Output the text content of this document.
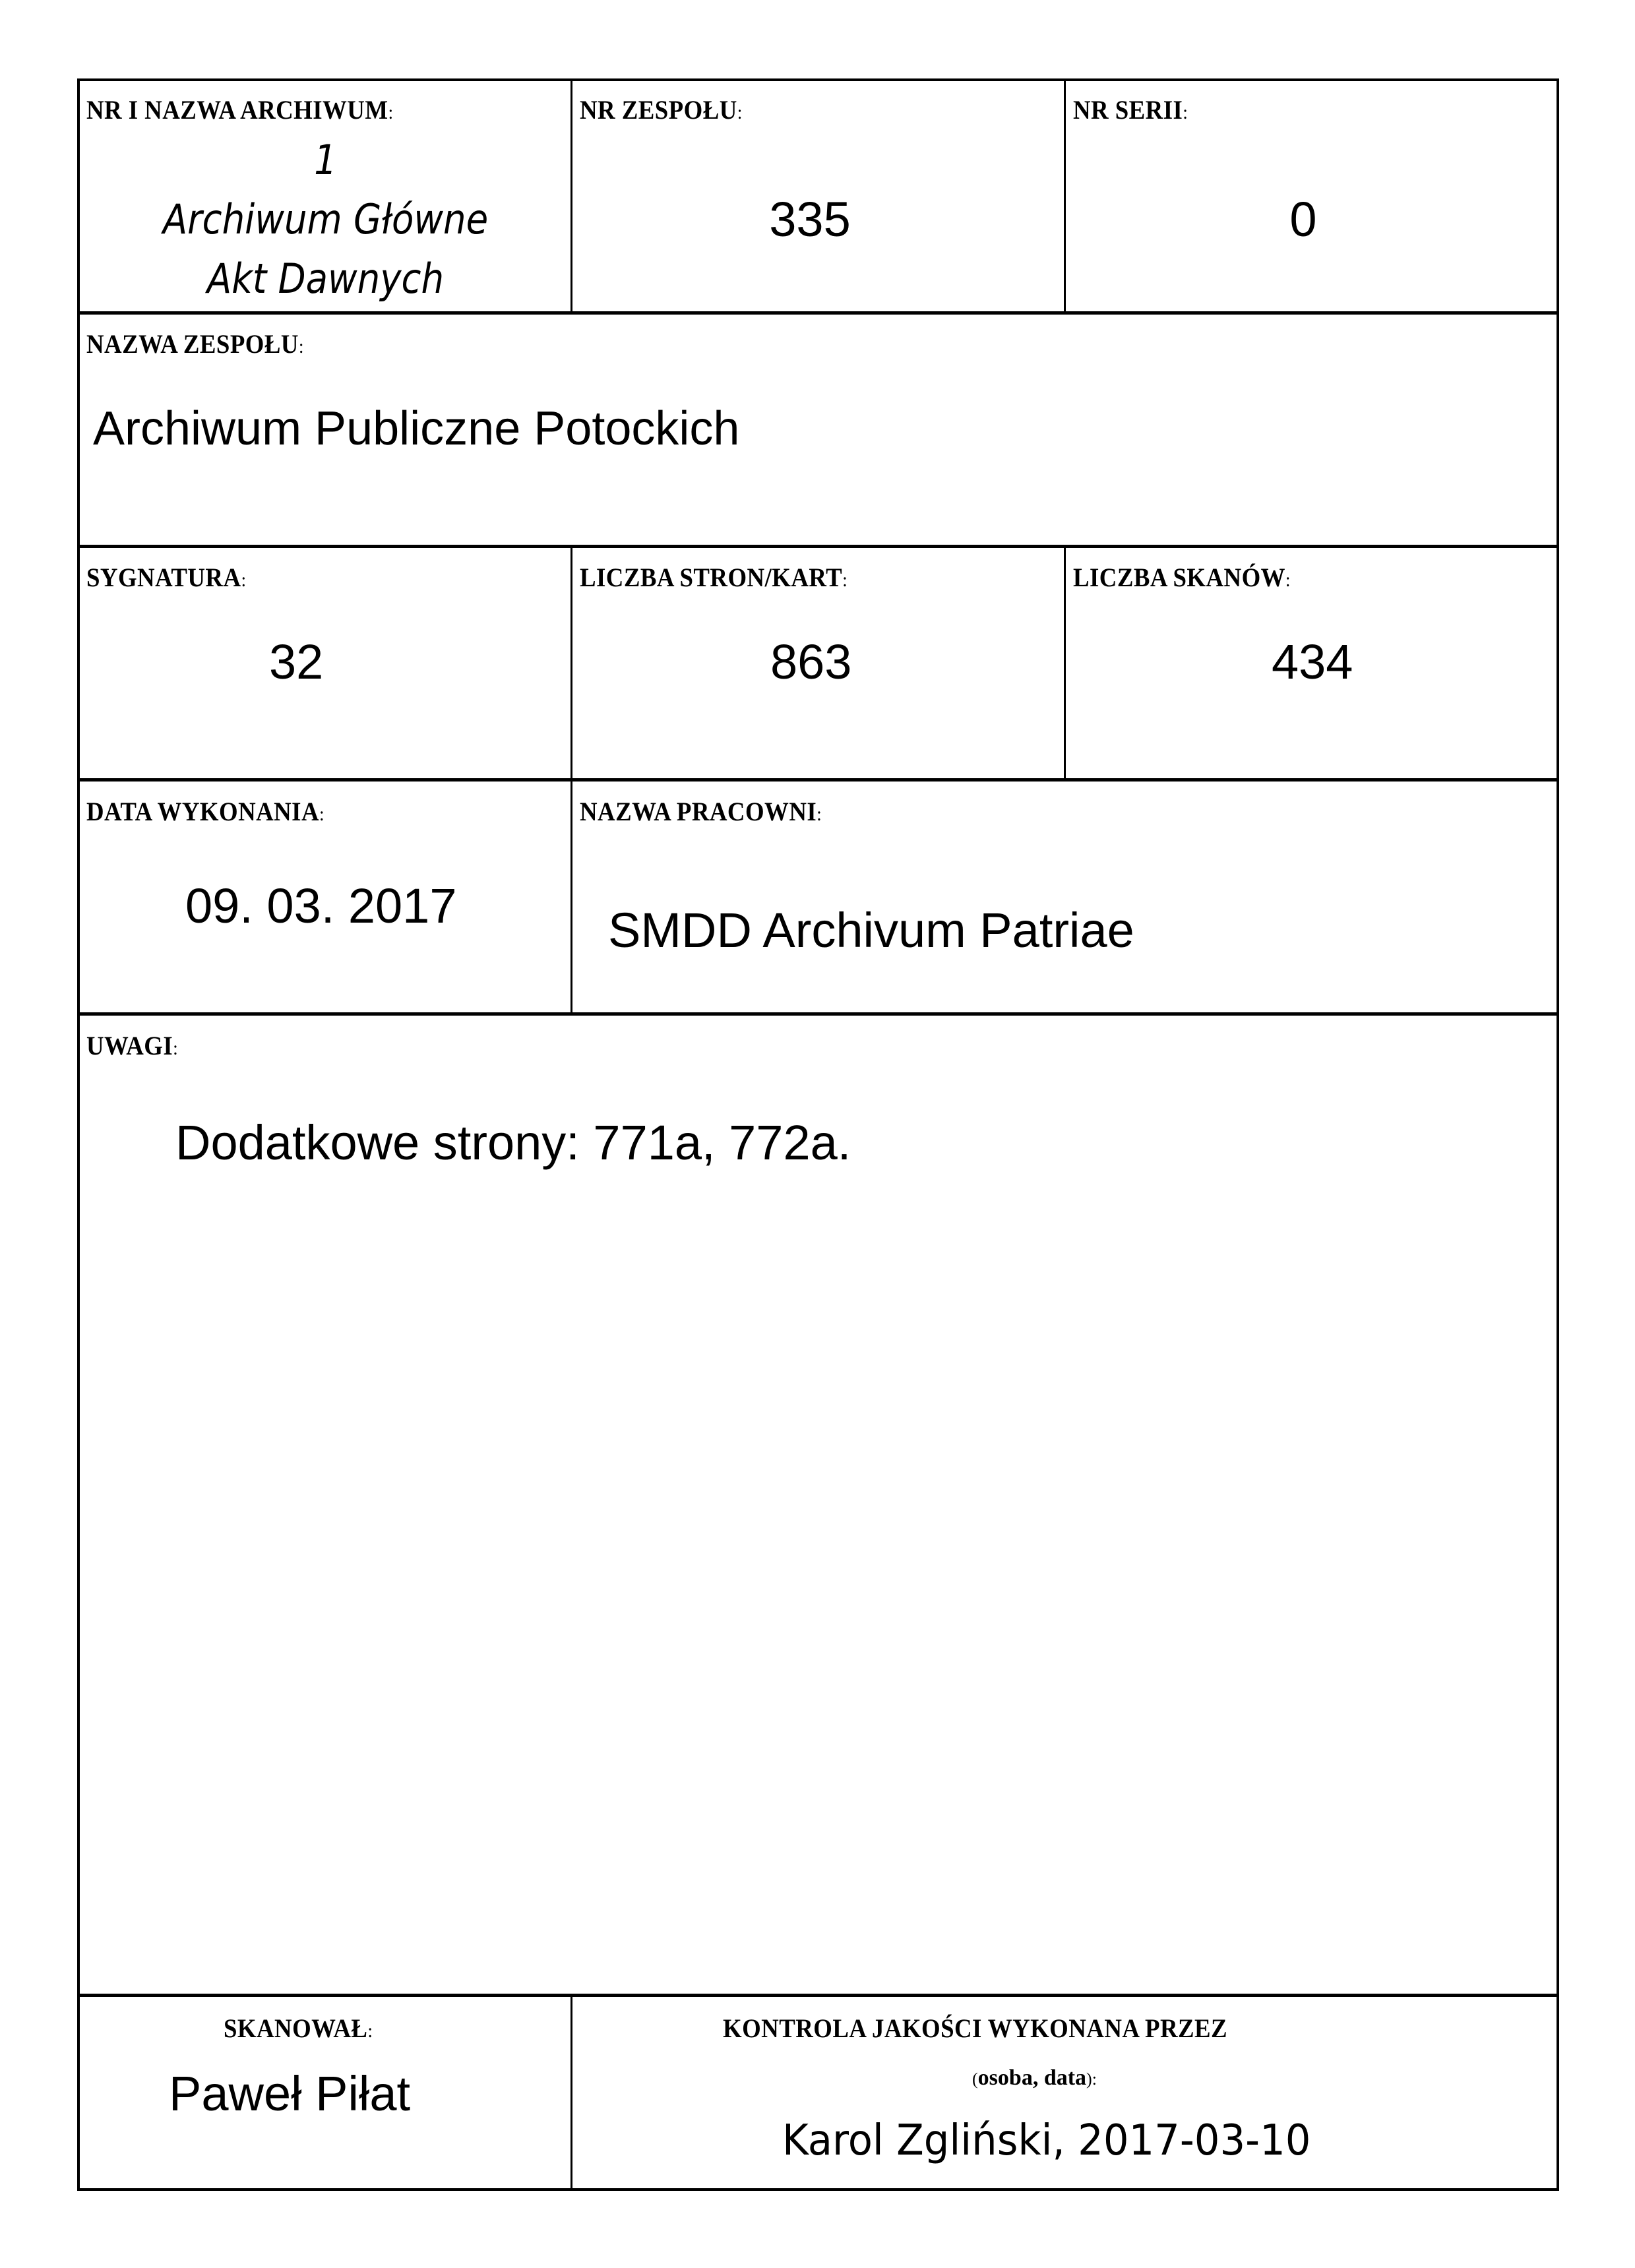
NR I NAZWA ARCHIWUM:
1
Archiwum Główne
Akt Dawnych
NR ZESPOŁU:
335
NR SERII:
0
NAZWA ZESPOŁU:
Archiwum Publiczne Potockich
SYGNATURA:
32
LICZBA STRON/KART:
863
LICZBA SKANÓW:
434
DATA WYKONANIA:
09. 03. 2017
NAZWA PRACOWNI:
SMDD Archivum Patriae
UWAGI:
Dodatkowe strony: 771a, 772a.
SKANOWAŁ:
Paweł Piłat
KONTROLA JAKOŚCI WYKONANA PRZEZ
(osoba, data):
Karol Zgliński, 2017-03-10
